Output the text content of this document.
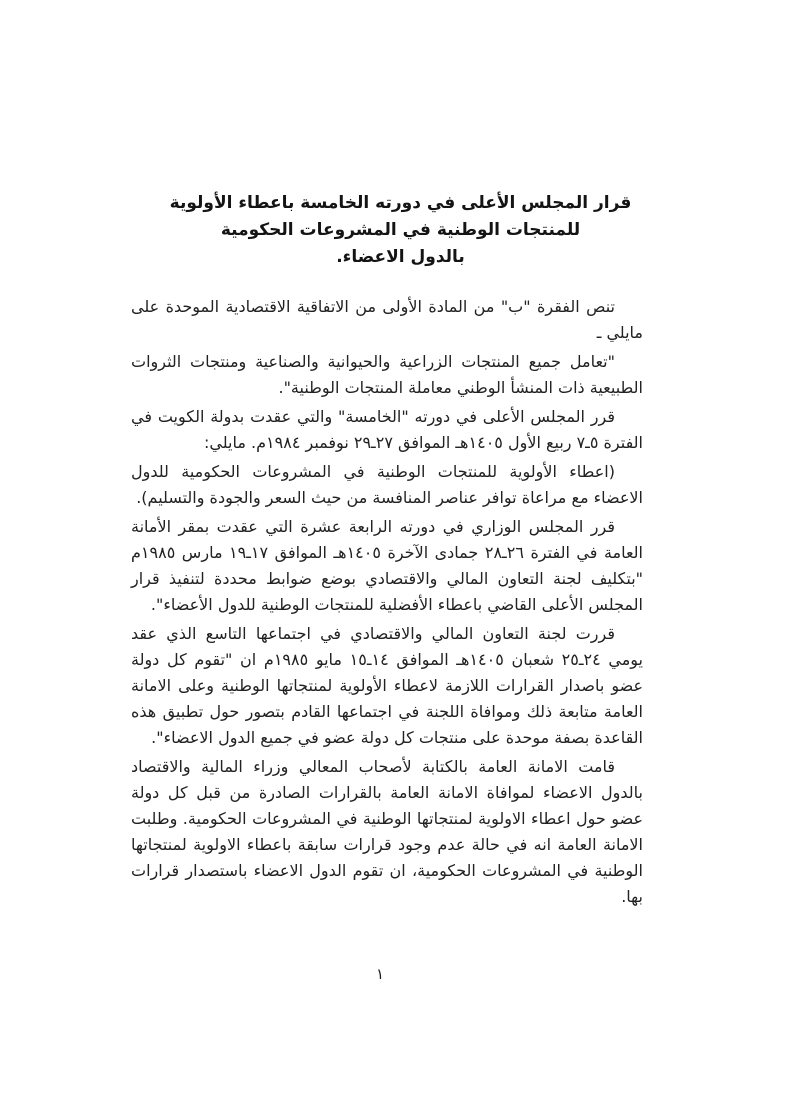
قرار المجلس الأعلى في دورته الخامسة باعطاء الأولوية
للمنتجات الوطنية في المشروعات الحكومية
بالدول الاعضاء.

تنص الفقرة "ب" من المادة الأولى من الاتفاقية الاقتصادية الموحدة على مايلي ـ

"تعامل جميع المنتجات الزراعية والحيوانية والصناعية ومنتجات الثروات الطبيعية ذات المنشأ الوطني معاملة المنتجات الوطنية".

قرر المجلس الأعلى في دورته "الخامسة" والتي عقدت بدولة الكويت في الفترة ٥ـ٧ ربيع الأول ١٤٠٥هـ الموافق ٢٧ـ٢٩ نوفمبر ١٩٨٤م. مايلي:

(اعطاء الأولوية للمنتجات الوطنية في المشروعات الحكومية للدول الاعضاء مع مراعاة توافر عناصر المنافسة من حيث السعر والجودة والتسليم).

قرر المجلس الوزاري في دورته الرابعة عشرة التي عقدت بمقر الأمانة العامة في الفترة ٢٦ـ٢٨ جمادى الآخرة ١٤٠٥هـ الموافق ١٧ـ١٩ مارس ١٩٨٥م "بتكليف لجنة التعاون المالي والاقتصادي بوضع ضوابط محددة لتنفيذ قرار المجلس الأعلى القاضي باعطاء الأفضلية للمنتجات الوطنية للدول الأعضاء".

قررت لجنة التعاون المالي والاقتصادي في اجتماعها التاسع الذي عقد يومي ٢٤ـ٢٥ شعبان ١٤٠٥هـ الموافق ١٤ـ١٥ مايو ١٩٨٥م ان "تقوم كل دولة عضو باصدار القرارات اللازمة لاعطاء الأولوية لمنتجاتها الوطنية وعلى الامانة العامة متابعة ذلك وموافاة اللجنة في اجتماعها القادم بتصور حول تطبيق هذه القاعدة بصفة موحدة على منتجات كل دولة عضو في جميع الدول الاعضاء".

قامت الامانة العامة بالكتابة لأصحاب المعالي وزراء المالية والاقتصاد بالدول الاعضاء لموافاة الامانة العامة بالقرارات الصادرة من قبل كل دولة عضو حول اعطاء الاولوية لمنتجاتها الوطنية في المشروعات الحكومية. وطلبت الامانة العامة انه في حالة عدم وجود قرارات سابقة باعطاء الاولوية لمنتجاتها الوطنية في المشروعات الحكومية، ان تقوم الدول الاعضاء باستصدار قرارات بها.

١
